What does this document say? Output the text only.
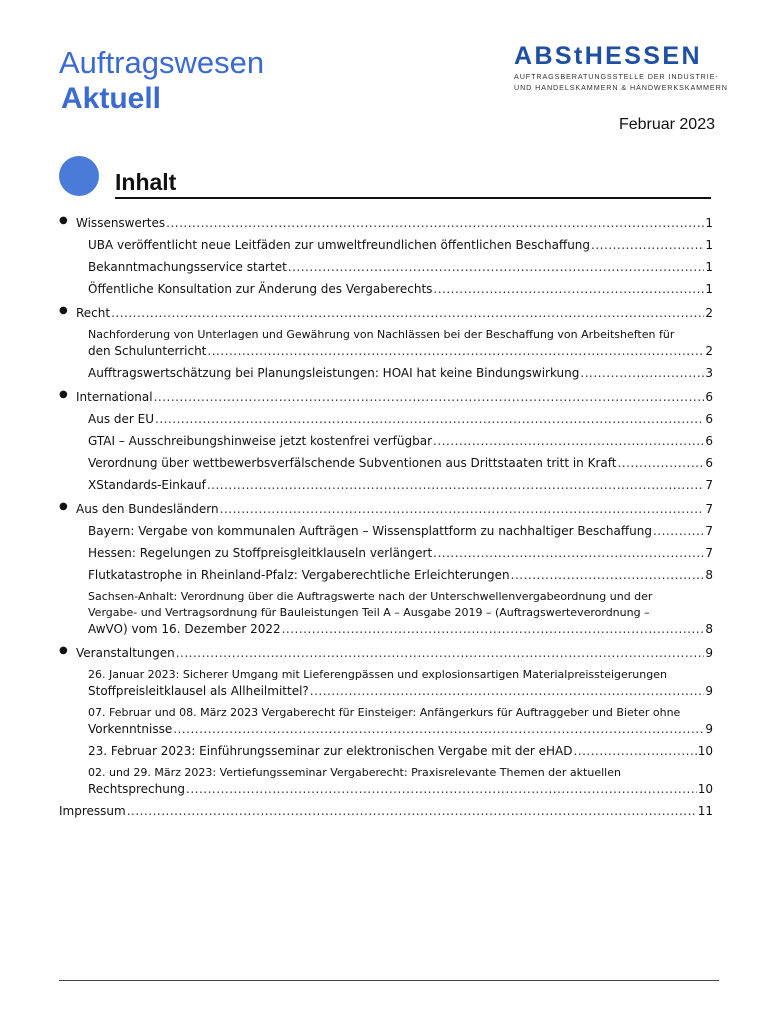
Auftragswesen
Aktuell
ABStHESSEN
AUFTRAGSBERATUNGSSTELLE DER INDUSTRIE-
UND HANDELSKAMMERN & HANDWERKSKAMMERN
Februar 2023
Inhalt
● Wissenswertes .....	1
UBA veröffentlicht neue Leitfäden zur umweltfreundlichen öffentlichen Beschaffung .....	1
Bekanntmachungsservice startet .....	1
Öffentliche Konsultation zur Änderung des Vergaberechts .....	1
● Recht .....	2
Nachforderung von Unterlagen und Gewährung von Nachlässen bei der Beschaffung von Arbeitsheften für
den Schulunterricht .....	2
Aufftragswertschätzung bei Planungsleistungen: HOAI hat keine Bindungswirkung .....	3
● International .....	6
Aus der EU .....	6
GTAI – Ausschreibungshinweise jetzt kostenfrei verfügbar .....	6
Verordnung über wettbewerbsverfälschende Subventionen aus Drittstaaten tritt in Kraft .....	6
XStandards-Einkauf .....	7
● Aus den Bundesländern .....	7
Bayern: Vergabe von kommunalen Aufträgen – Wissensplattform zu nachhaltiger Beschaffung .....	7
Hessen: Regelungen zu Stoffpreisgleitklauseln verlängert .....	7
Flutkatastrophe in Rheinland-Pfalz: Vergaberechtliche Erleichterungen .....	8
Sachsen-Anhalt: Verordnung über die Auftragswerte nach der Unterschwellenvergabeordnung und der
Vergabe- und Vertragsordnung für Bauleistungen Teil A – Ausgabe 2019 – (Auftragswerteverordnung –
AwVO) vom 16. Dezember 2022 .....	8
● Veranstaltungen .....	9
26. Januar 2023: Sicherer Umgang mit Lieferengpässen und explosionsartigen Materialpreissteigerungen
Stoffpreisleitklausel als Allheilmittel? .....	9
07. Februar und 08. März 2023 Vergaberecht für Einsteiger: Anfängerkurs für Auftraggeber und Bieter ohne
Vorkenntnisse .....	9
23. Februar 2023: Einführungsseminar zur elektronischen Vergabe mit der eHAD .....	10
02. und 29. März 2023: Vertiefungsseminar Vergaberecht: Praxisrelevante Themen der aktuellen
Rechtsprechung .....	10
Impressum .....	11
